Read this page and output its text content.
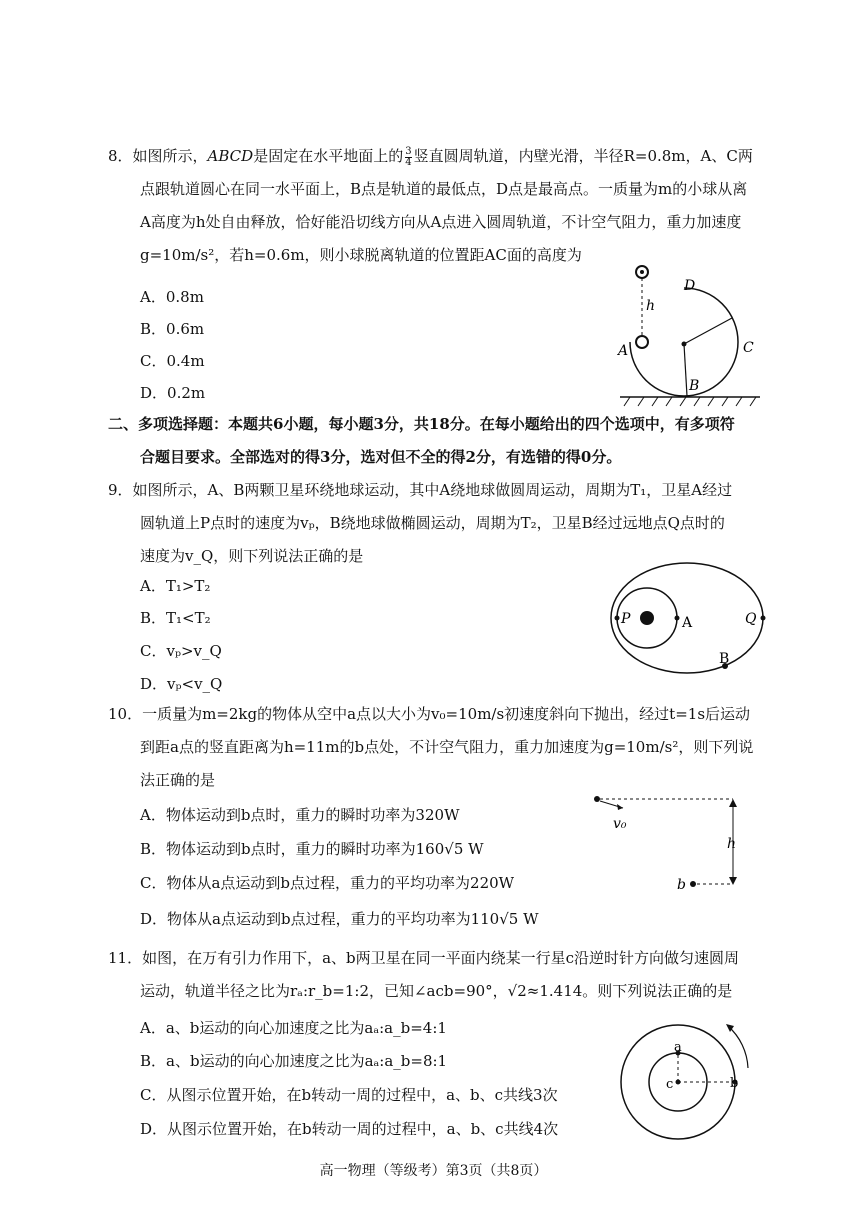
8．如图所示，ABCD是固定在水平地面上的 $\frac{3}{4}$ 竖直圆周轨道，内壁光滑，半径R=0.8m，A、C两

点跟轨道圆心在同一水平面上，B点是轨道的最低点，D点是最高点。一质量为m的小球从离

A高度为h处自由释放，恰好能沿切线方向从A点进入圆周轨道，不计空气阻力，重力加速度

g=10m/s²，若h=0.6m，则小球脱离轨道的位置距AC面的高度为

A．0.8m
B．0.6m
C．0.4m
D．0.2m
D
h
A	C
B

二、多项选择题：本题共6小题，每小题3分，共18分。在每小题给出的四个选项中，有多项符

合题目要求。全部选对的得3分，选对但不全的得2分，有选错的得0分。

9．如图所示，A、B两颗卫星环绕地球运动，其中A绕地球做圆周运动，周期为T₁，卫星A经过

圆轨道上P点时的速度为vₚ，B绕地球做椭圆运动，周期为T₂，卫星B经过远地点Q点时的

速度为v_Q，则下列说法正确的是

A．T₁>T₂
B．T₁<T₂
C．vₚ>v_Q
D．vₚ<v_Q
P	A	Q
B

10．一质量为m=2kg的物体从空中a点以大小为v₀=10m/s初速度斜向下抛出，经过t=1s后运动

到距a点的竖直距离为h=11m的b点处，不计空气阻力，重力加速度为g=10m/s²，则下列说

法正确的是

A．物体运动到b点时，重力的瞬时功率为320W
B．物体运动到b点时，重力的瞬时功率为160√5 W
C．物体从a点运动到b点过程，重力的平均功率为220W
D．物体从a点运动到b点过程，重力的平均功率为110√5 W
v₀
h
b

11．如图，在万有引力作用下，a、b两卫星在同一平面内绕某一行星c沿逆时针方向做匀速圆周

运动，轨道半径之比为rₐ:r_b=1:2，已知∠acb=90°，√2≈1.414。则下列说法正确的是

A．a、b运动的向心加速度之比为aₐ:a_b=4:1
B．a、b运动的向心加速度之比为aₐ:a_b=8:1
C．从图示位置开始，在b转动一周的过程中，a、b、c共线3次
D．从图示位置开始，在b转动一周的过程中，a、b、c共线4次
a
c	b
高一物理（等级考）第3页（共8页）
